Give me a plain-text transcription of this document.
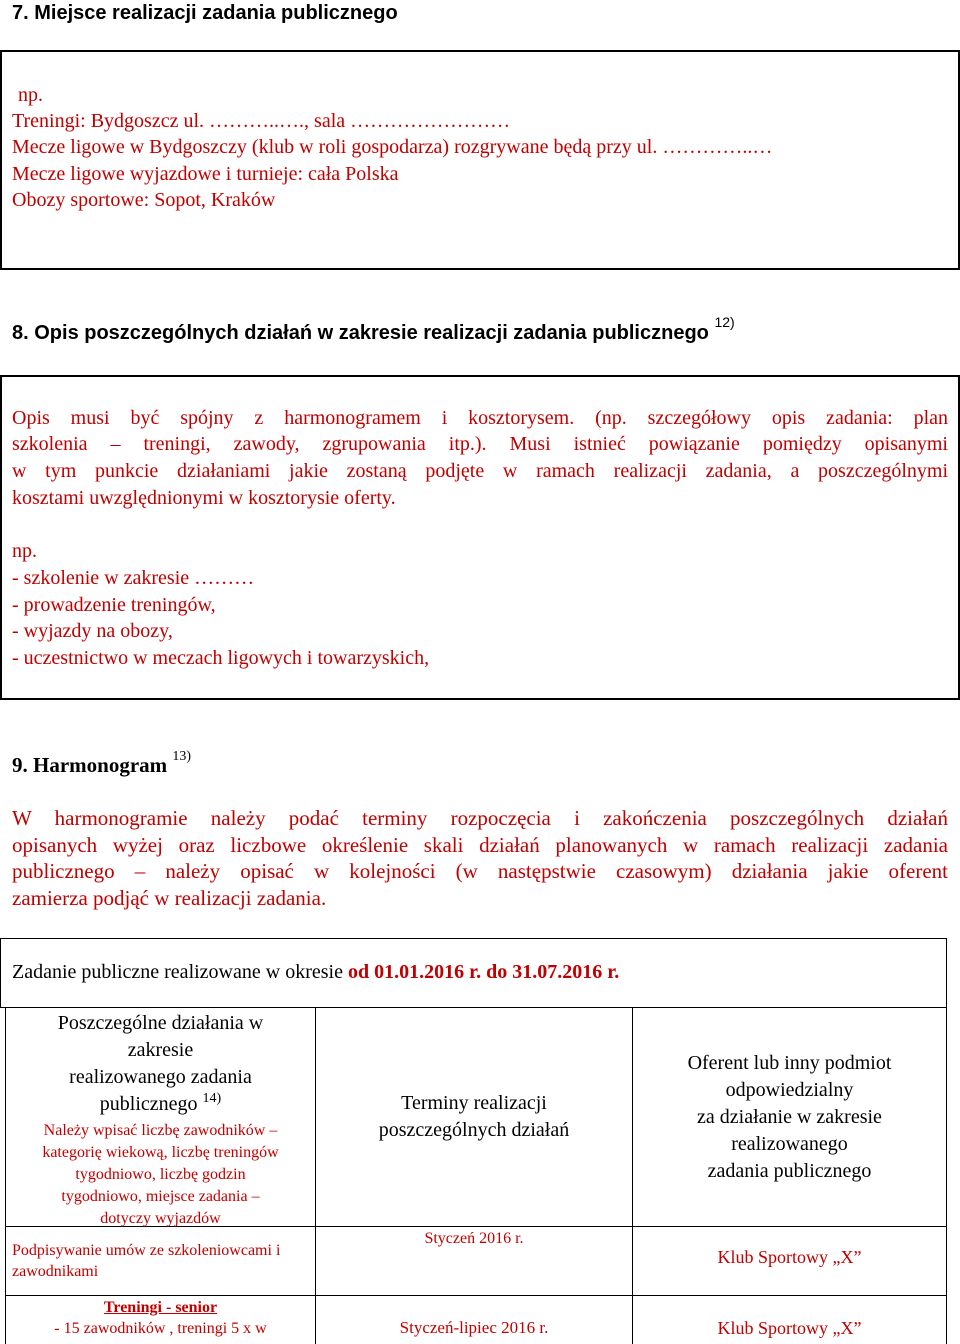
7. Miejsce realizacji zadania publicznego
np.
Treningi: Bydgoszcz ul. ………..…., sala ……………………
Mecze ligowe w Bydgoszczy (klub w roli gospodarza) rozgrywane będą przy ul. …………..…
Mecze ligowe wyjazdowe i turnieje: cała Polska
Obozy sportowe: Sopot, Kraków
8. Opis poszczególnych działań w zakresie realizacji zadania publicznego $^{12)}$
Opis musi być spójny z harmonogramem i kosztorysem. (np. szczegółowy opis zadania: plan
szkolenia – treningi, zawody, zgrupowania itp.). Musi istnieć powiązanie pomiędzy opisanymi
w tym punkcie działaniami jakie zostaną podjęte w ramach realizacji zadania, a poszczególnymi
kosztami uwzględnionymi w kosztorysie oferty.
np.
- szkolenie w zakresie ………
- prowadzenie treningów,
- wyjazdy na obozy,
- uczestnictwo w meczach ligowych i towarzyskich,
9. Harmonogram $^{13)}$
W harmonogramie należy podać terminy rozpoczęcia i zakończenia poszczególnych działań
opisanych wyżej oraz liczbowe określenie skali działań planowanych w ramach realizacji zadania
publicznego – należy opisać w kolejności (w następstwie czasowym) działania jakie oferent
zamierza podjąć w realizacji zadania.
Zadanie publiczne realizowane w okresie od 01.01.2016 r. do 31.07.2016 r.
Poszczególne działania w
zakresie
realizowanego zadania
publicznego $^{14)}$
Należy wpisać liczbę zawodników –
kategorię wiekową, liczbę treningów
tygodniowo, liczbę godzin
tygodniowo, miejsce zadania –
dotyczy wyjazdów
Terminy realizacji
poszczególnych działań
Oferent lub inny podmiot
odpowiedzialny
za działanie w zakresie
realizowanego
zadania publicznego
Podpisywanie umów ze szkoleniowcami i
zawodnikami
Styczeń 2016 r.
Klub Sportowy „X”
Treningi - senior
- 15 zawodników , treningi 5 x w	Styczeń-lipiec 2016 r.	Klub Sportowy „X”
